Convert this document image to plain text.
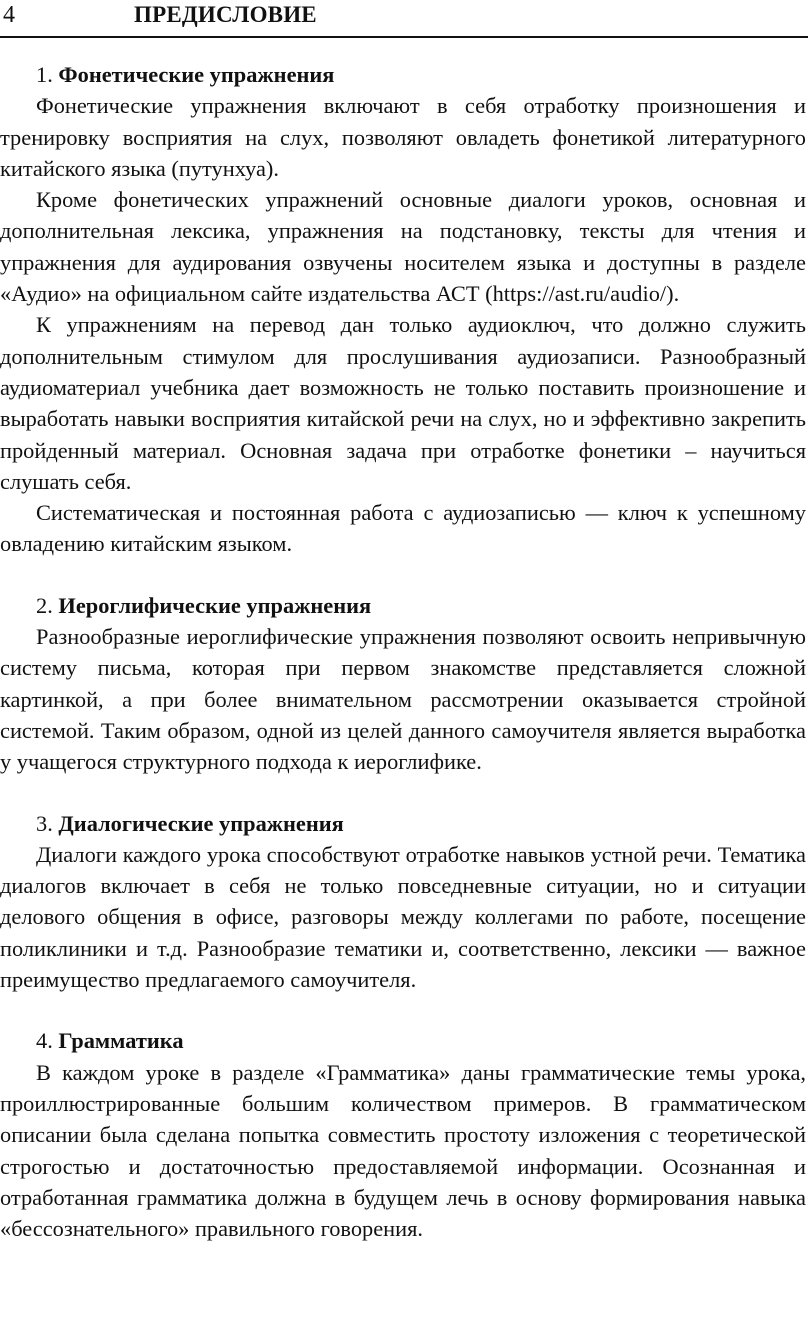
4	ПРЕДИСЛОВИЕ

1. Фонетические упражнения

Фонетические упражнения включают в себя отработку произношения и тренировку восприятия на слух, позволяют овладеть фонетикой литературного китайского языка (путунхуа).

Кроме фонетических упражнений основные диалоги уроков, основная и дополнительная лексика, упражнения на подстановку, тексты для чтения и упражнения для аудирования озвучены носителем языка и доступны в разделе «Аудио» на официальном сайте издательства АСТ (https://ast.ru/​audio/).

К упражнениям на перевод дан только аудиоключ, что должно служить дополнительным стимулом для прослушивания аудиозаписи. Разнообразный аудиоматериал учебника дает возможность не только поставить произношение и выработать навыки восприятия китайской речи на слух, но и эффективно закрепить пройденный материал. Основная задача при отработке фонетики – научиться слушать себя.

Систематическая и постоянная работа с аудиозаписью — ключ к успешному овладению китайским языком.

2. Иероглифические упражнения

Разнообразные иероглифические упражнения позволяют освоить непривычную систему письма, которая при первом знакомстве представляется сложной картинкой, а при более внимательном рассмотрении оказывается стройной системой. Таким образом, одной из целей данного самоучителя является выработка у учащегося структурного подхода к иероглифике.

3. Диалогические упражнения

Диалоги каждого урока способствуют отработке навыков устной речи. Тематика диалогов включает в себя не только повседневные ситуации, но и ситуации делового общения в офисе, разговоры между коллегами по работе, посещение поликлиники и т.д. Разнообразие тематики и, соответственно, лексики — важное преимущество предлагаемого самоучителя.

4. Грамматика

В каждом уроке в разделе «Грамматика» даны грамматические темы урока, проиллюстрированные большим количеством примеров. В грамматическом описании была сделана попытка совместить простоту изложения с теоретической строгостью и достаточностью предоставляемой информации. Осознанная и отработанная грамматика должна в будущем лечь в основу формирования навыка «бессознательного» правильного говорения.
